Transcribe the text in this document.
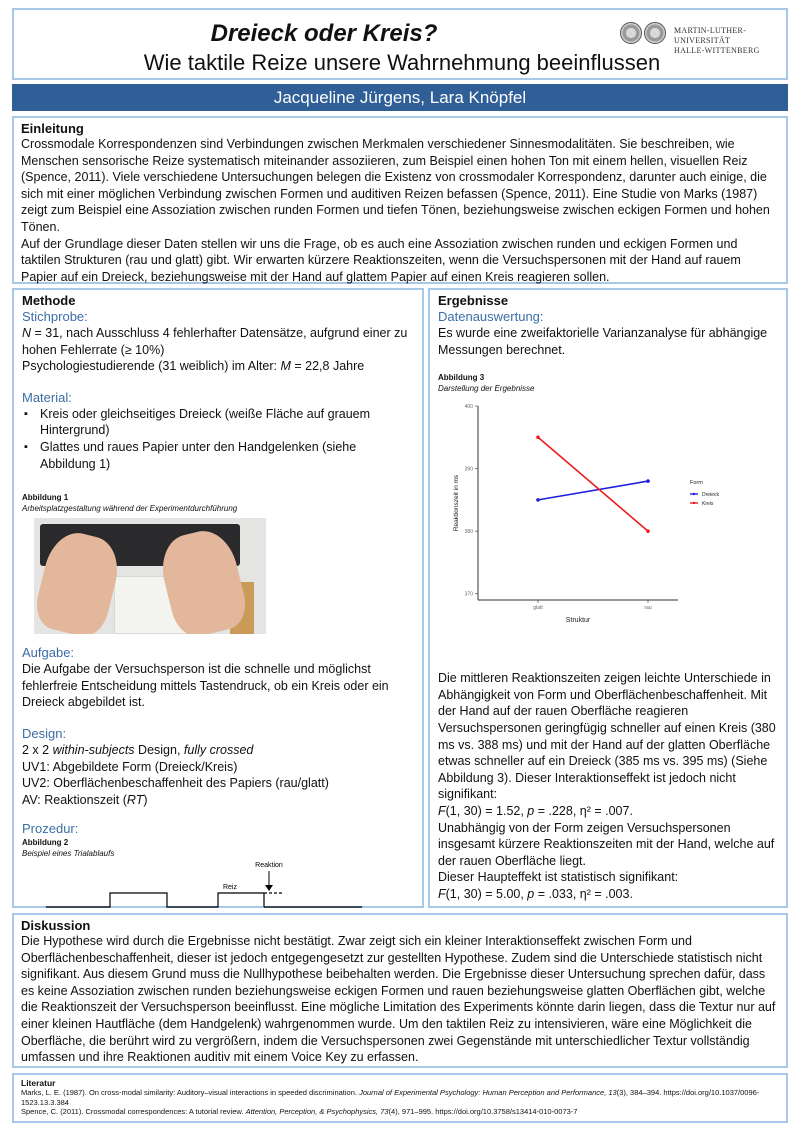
Dreieck oder Kreis?	MARTIN-LUTHER-UNIVERSITÄT
HALLE-WITTENBERG
Wie taktile Reize unsere Wahrnehmung beeinflussen
Jacqueline Jürgens, Lara Knöpfel
Einleitung
Crossmodale Korrespondenzen sind Verbindungen zwischen Merkmalen verschiedener Sinnesmodalitäten. Sie beschreiben, wie Menschen sensorische Reize systematisch miteinander assoziieren, zum Beispiel einen hohen Ton mit einem hellen, visuellen Reiz (Spence, 2011). Viele verschiedene Untersuchungen belegen die Existenz von crossmodaler Korrespondenz, darunter auch einige, die sich mit einer möglichen Verbindung zwischen Formen und auditiven Reizen befassen (Spence, 2011). Eine Studie von Marks (1987) zeigt zum Beispiel eine Assoziation zwischen runden Formen und tiefen Tönen, beziehungsweise zwischen eckigen Formen und hohen Tönen.
Auf der Grundlage dieser Daten stellen wir uns die Frage, ob es auch eine Assoziation zwischen runden und eckigen Formen und taktilen Strukturen (rau und glatt) gibt. Wir erwarten kürzere Reaktionszeiten, wenn die Versuchspersonen mit der Hand auf rauem Papier auf ein Dreieck, beziehungsweise mit der Hand auf glattem Papier auf einen Kreis reagieren sollen.
Methode
Stichprobe:
N = 31, nach Ausschluss 4 fehlerhafter Datensätze, aufgrund einer zu hohen Fehlerrate (≥ 10%)
Psychologiestudierende (31 weiblich) im Alter: M = 22,8 Jahre
Material:
▪ Kreis oder gleichseitiges Dreieck (weiße Fläche auf grauem Hintergrund)
▪ Glattes und raues Papier unter den Handgelenken (siehe Abbildung 1)
Abbildung 1
Arbeitsplatzgestaltung während der Experimentdurchführung
Aufgabe:
Die Aufgabe der Versuchsperson ist die schnelle und möglichst fehlerfreie Entscheidung mittels Tastendruck, ob ein Kreis oder ein Dreieck abgebildet ist.
Design:
2 x 2 within-subjects Design, fully crossed
UV1: Abgebildete Form (Dreieck/Kreis)
UV2: Oberflächenbeschaffenheit des Papiers (rau/glatt)
AV: Reaktionszeit (RT)
Prozedur:
Abbildung 2
Beispiel eines Trialablaufs
Reaktion
Reiz
Ergebnisse
Datenauswertung:
Es wurde eine zweifaktorielle Varianzanalyse für abhängige Messungen berechnet.
Abbildung 3
Darstellung der Ergebnisse
370
380
390
400
glatt	rau
Struktur
Reaktionszeit in ms	Form
Dreieck
Kreis
Die mittleren Reaktionszeiten zeigen leichte Unterschiede in Abhängigkeit von Form und Oberflächenbeschaffenheit. Mit der Hand auf der rauen Oberfläche reagieren Versuchspersonen geringfügig schneller auf einen Kreis (380 ms vs. 388 ms) und mit der Hand auf der glatten Oberfläche etwas schneller auf ein Dreieck (385 ms vs. 395 ms) (Siehe Abbildung 3). Dieser Interaktionseffekt ist jedoch nicht signifikant:
F(1, 30) = 1.52, p = .228, η² = .007.
Unabhängig von der Form zeigen Versuchspersonen insgesamt kürzere Reaktionszeiten mit der Hand, welche auf der rauen Oberfläche liegt.
Dieser Haupteffekt ist statistisch signifikant:
F(1, 30) = 5.00, p = .033, η² = .003.
Diskussion
Die Hypothese wird durch die Ergebnisse nicht bestätigt. Zwar zeigt sich ein kleiner Interaktionseffekt zwischen Form und Oberflächenbeschaffenheit, dieser ist jedoch entgegengesetzt zur gestellten Hypothese. Zudem sind die Unterschiede statistisch nicht signifikant. Aus diesem Grund muss die Nullhypothese beibehalten werden. Die Ergebnisse dieser Untersuchung sprechen dafür, dass es keine Assoziation zwischen runden beziehungsweise eckigen Formen und rauen beziehungsweise glatten Oberflächen gibt, welche die Reaktionszeit der Versuchsperson beeinflusst. Eine mögliche Limitation des Experiments könnte darin liegen, dass die Textur nur auf einer kleinen Hautfläche (dem Handgelenk) wahrgenommen wurde. Um den taktilen Reiz zu intensivieren, wäre eine Möglichkeit die Oberfläche, die berührt wird zu vergrößern, indem die Versuchspersonen zwei Gegenstände mit unterschiedlicher Textur vollständig umfassen und ihre Reaktionen auditiv mit einem Voice Key zu erfassen.
Literatur
Marks, L. E. (1987). On cross-modal similarity: Auditory–visual interactions in speeded discrimination. Journal of Experimental Psychology: Human Perception and Performance, 13(3), 384–394. https://doi.org/10.1037/0096-1523.13.3.384
Spence, C. (2011). Crossmodal correspondences: A tutorial review. Attention, Perception, & Psychophysics, 73(4), 971–995. https://doi.org/10.3758/s13414-010-0073-7
